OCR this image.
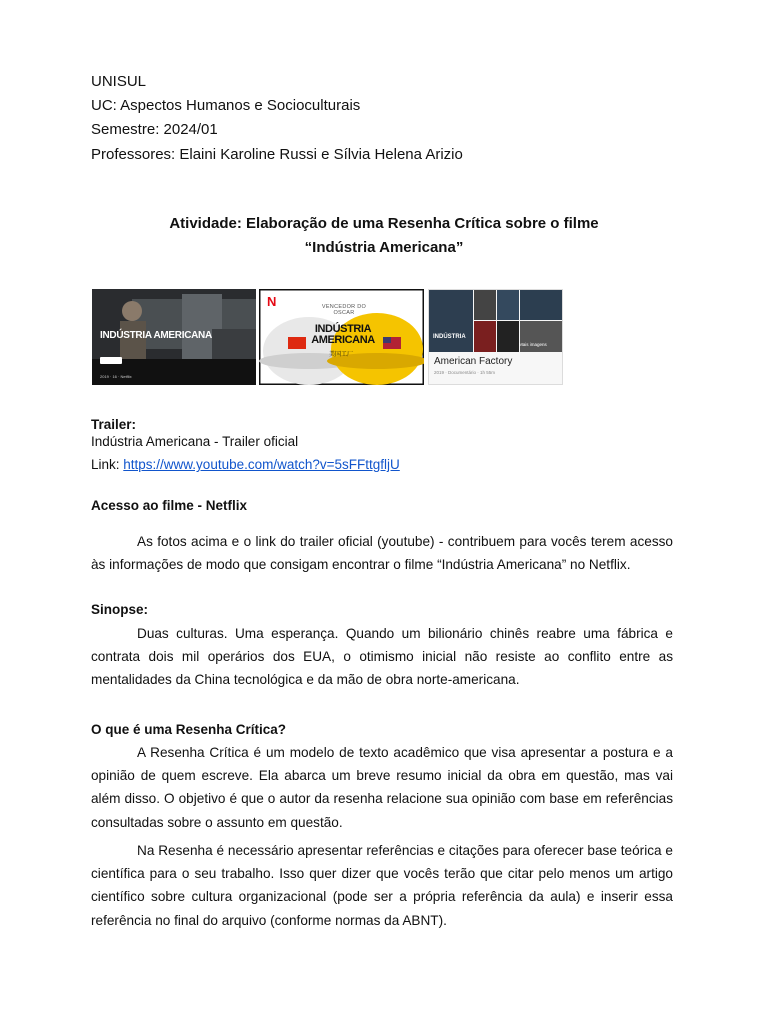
UNISUL
UC: Aspectos Humanos e Socioculturais
Semestre: 2024/01
Professores: Elaini Karoline Russi e Sílvia Helena Arizio
Atividade: Elaboração de uma Resenha Crítica sobre o filme
“Indústria Americana”
INDÚSTRIA AMERICANA
2019 · 16 · Netflix
N	VENCEDOR DO OSCAR
INDÚSTRIA AMERICANA
美国工厂
INDÚSTRIA
Mais imagens
American Factory
2019 · Documentário · 1h 55m
Trailer:
Indústria Americana - Trailer oficial
Link: https://www.youtube.com/watch?v=5sFFttgfljU
Acesso ao filme - Netflix
As fotos acima e o link do trailer oficial (youtube) - contribuem para vocês terem acesso às informações de modo que consigam encontrar o filme “Indústria Americana” no Netflix.
Sinopse:
Duas culturas. Uma esperança. Quando um bilionário chinês reabre uma fábrica e contrata dois mil operários dos EUA, o otimismo inicial não resiste ao conflito entre as mentalidades da China tecnológica e da mão de obra norte-americana.
O que é uma Resenha Crítica?
A Resenha Crítica é um modelo de texto acadêmico que visa apresentar a postura e a opinião de quem escreve. Ela abarca um breve resumo inicial da obra em questão, mas vai além disso. O objetivo é que o autor da resenha relacione sua opinião com base em referências consultadas sobre o assunto em questão.
Na Resenha é necessário apresentar referências e citações para oferecer base teórica e científica para o seu trabalho. Isso quer dizer que vocês terão que citar pelo menos um artigo científico sobre cultura organizacional (pode ser a própria referência da aula) e inserir essa referência no final do arquivo (conforme normas da ABNT).
